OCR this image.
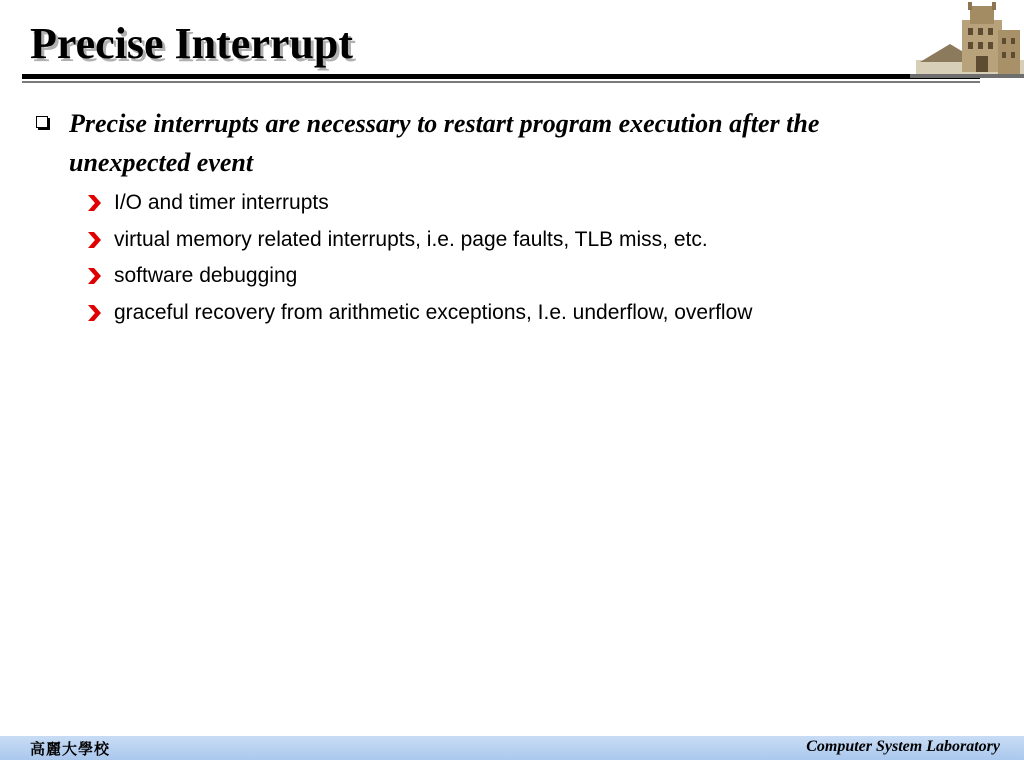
Precise Interrupt
Precise interrupts are necessary to restart program execution after the unexpected event
I/O and timer interrupts
virtual memory related interrupts, i.e. page faults, TLB miss, etc.
software debugging
graceful recovery from arithmetic exceptions, I.e. underflow, overflow
高麗大學校	Computer System Laboratory
